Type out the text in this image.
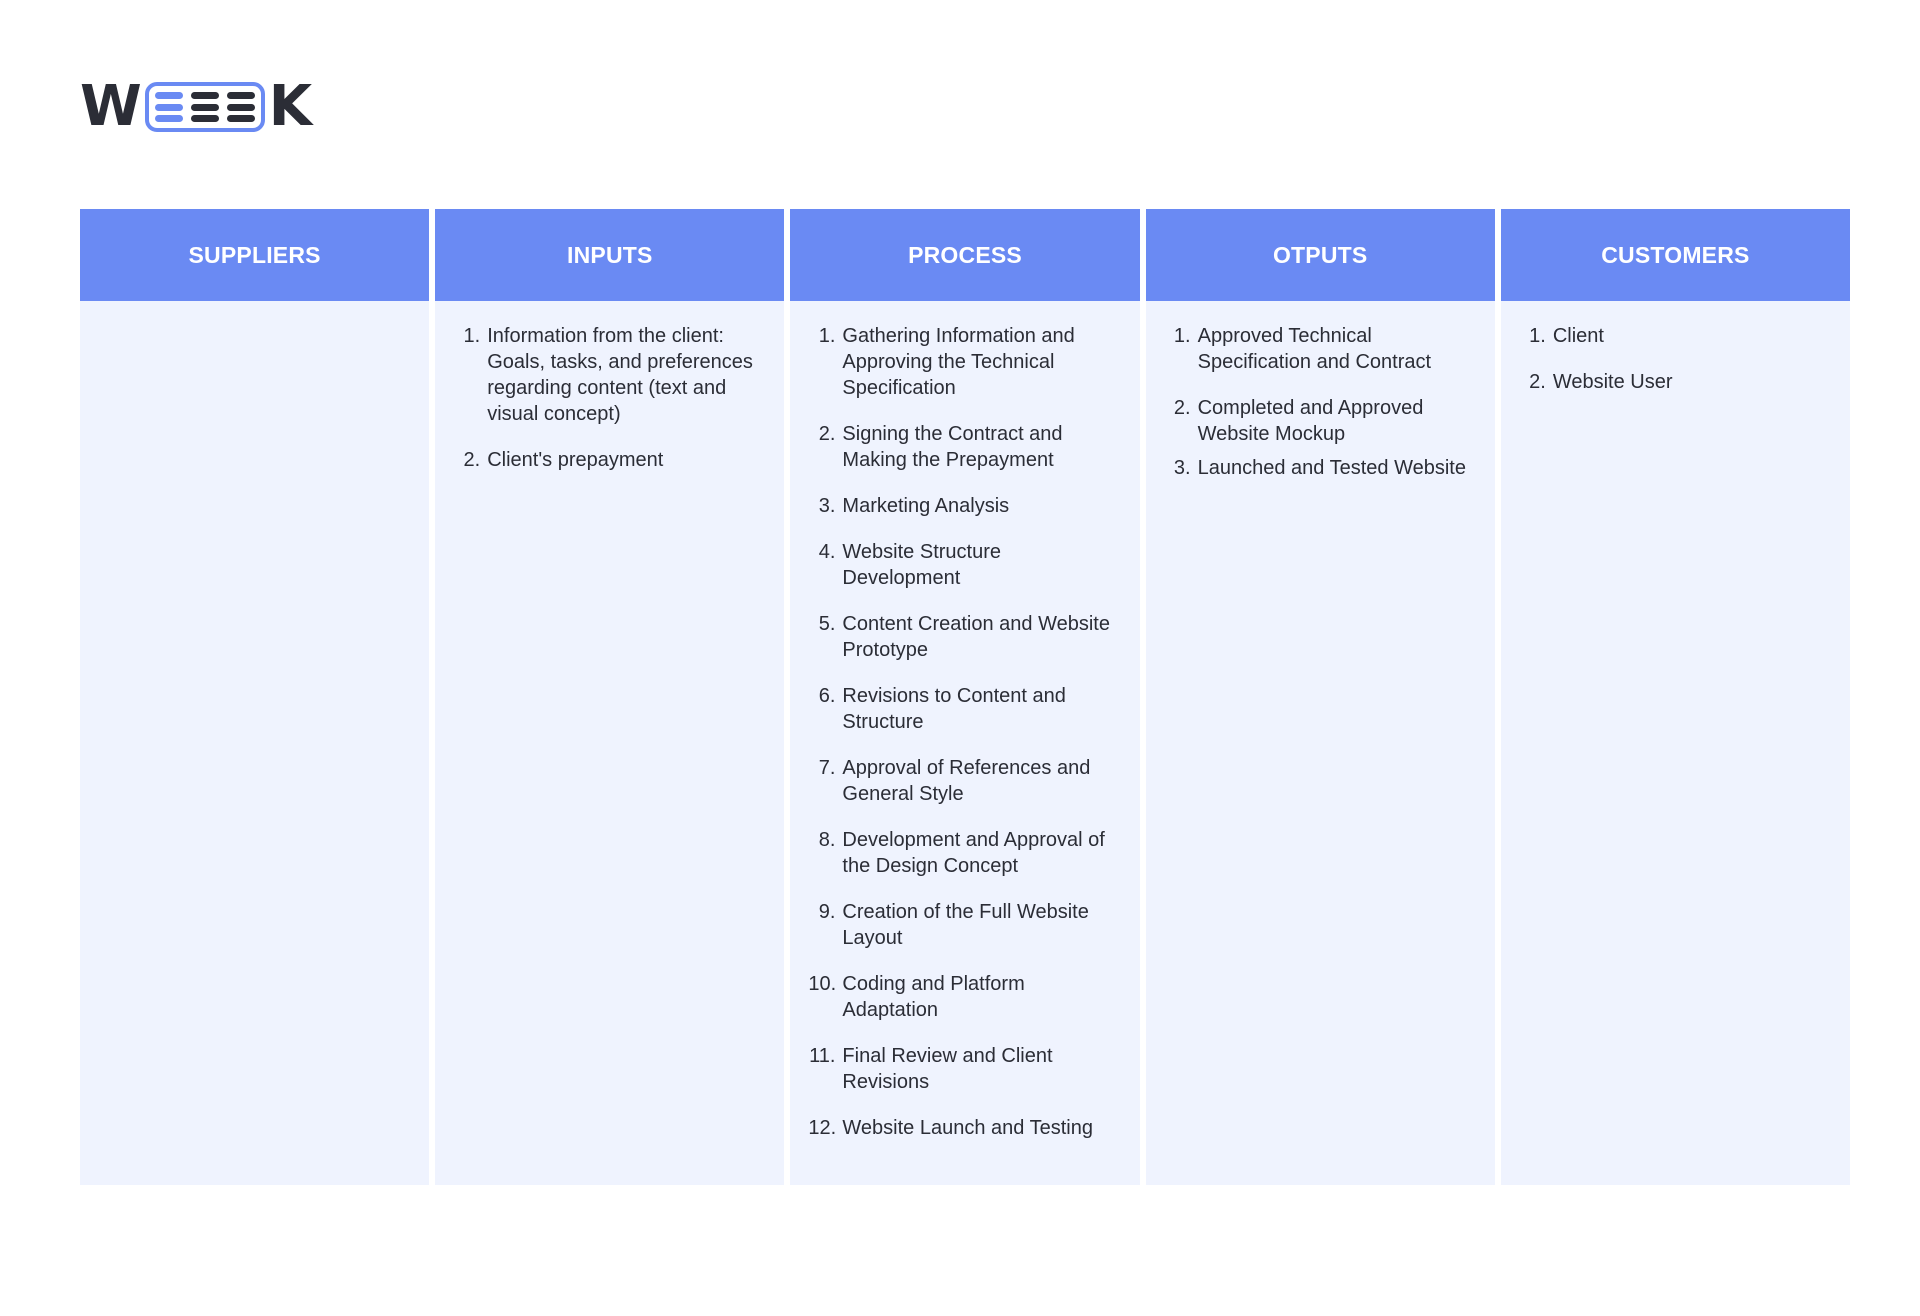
W K
SUPPLIERS	INPUTS
1. Information from the client: Goals, tasks, and preferences regarding content (text and visual concept)
2. Client's prepayment
PROCESS
1. Gathering Information and Approving the Technical Specification
2. Signing the Contract and Making the Prepayment
3. Marketing Analysis
4. Website Structure Development
5. Content Creation and Website Prototype
6. Revisions to Content and Structure
7. Approval of References and General Style
8. Development and Approval of the Design Concept
9. Creation of the Full Website Layout
10. Coding and Platform Adaptation
11. Final Review and Client Revisions
12. Website Launch and Testing
OTPUTS
1. Approved Technical Specification and Contract
2. Completed and Approved Website Mockup
3. Launched and Tested Website
CUSTOMERS
1. Client
2. Website User
